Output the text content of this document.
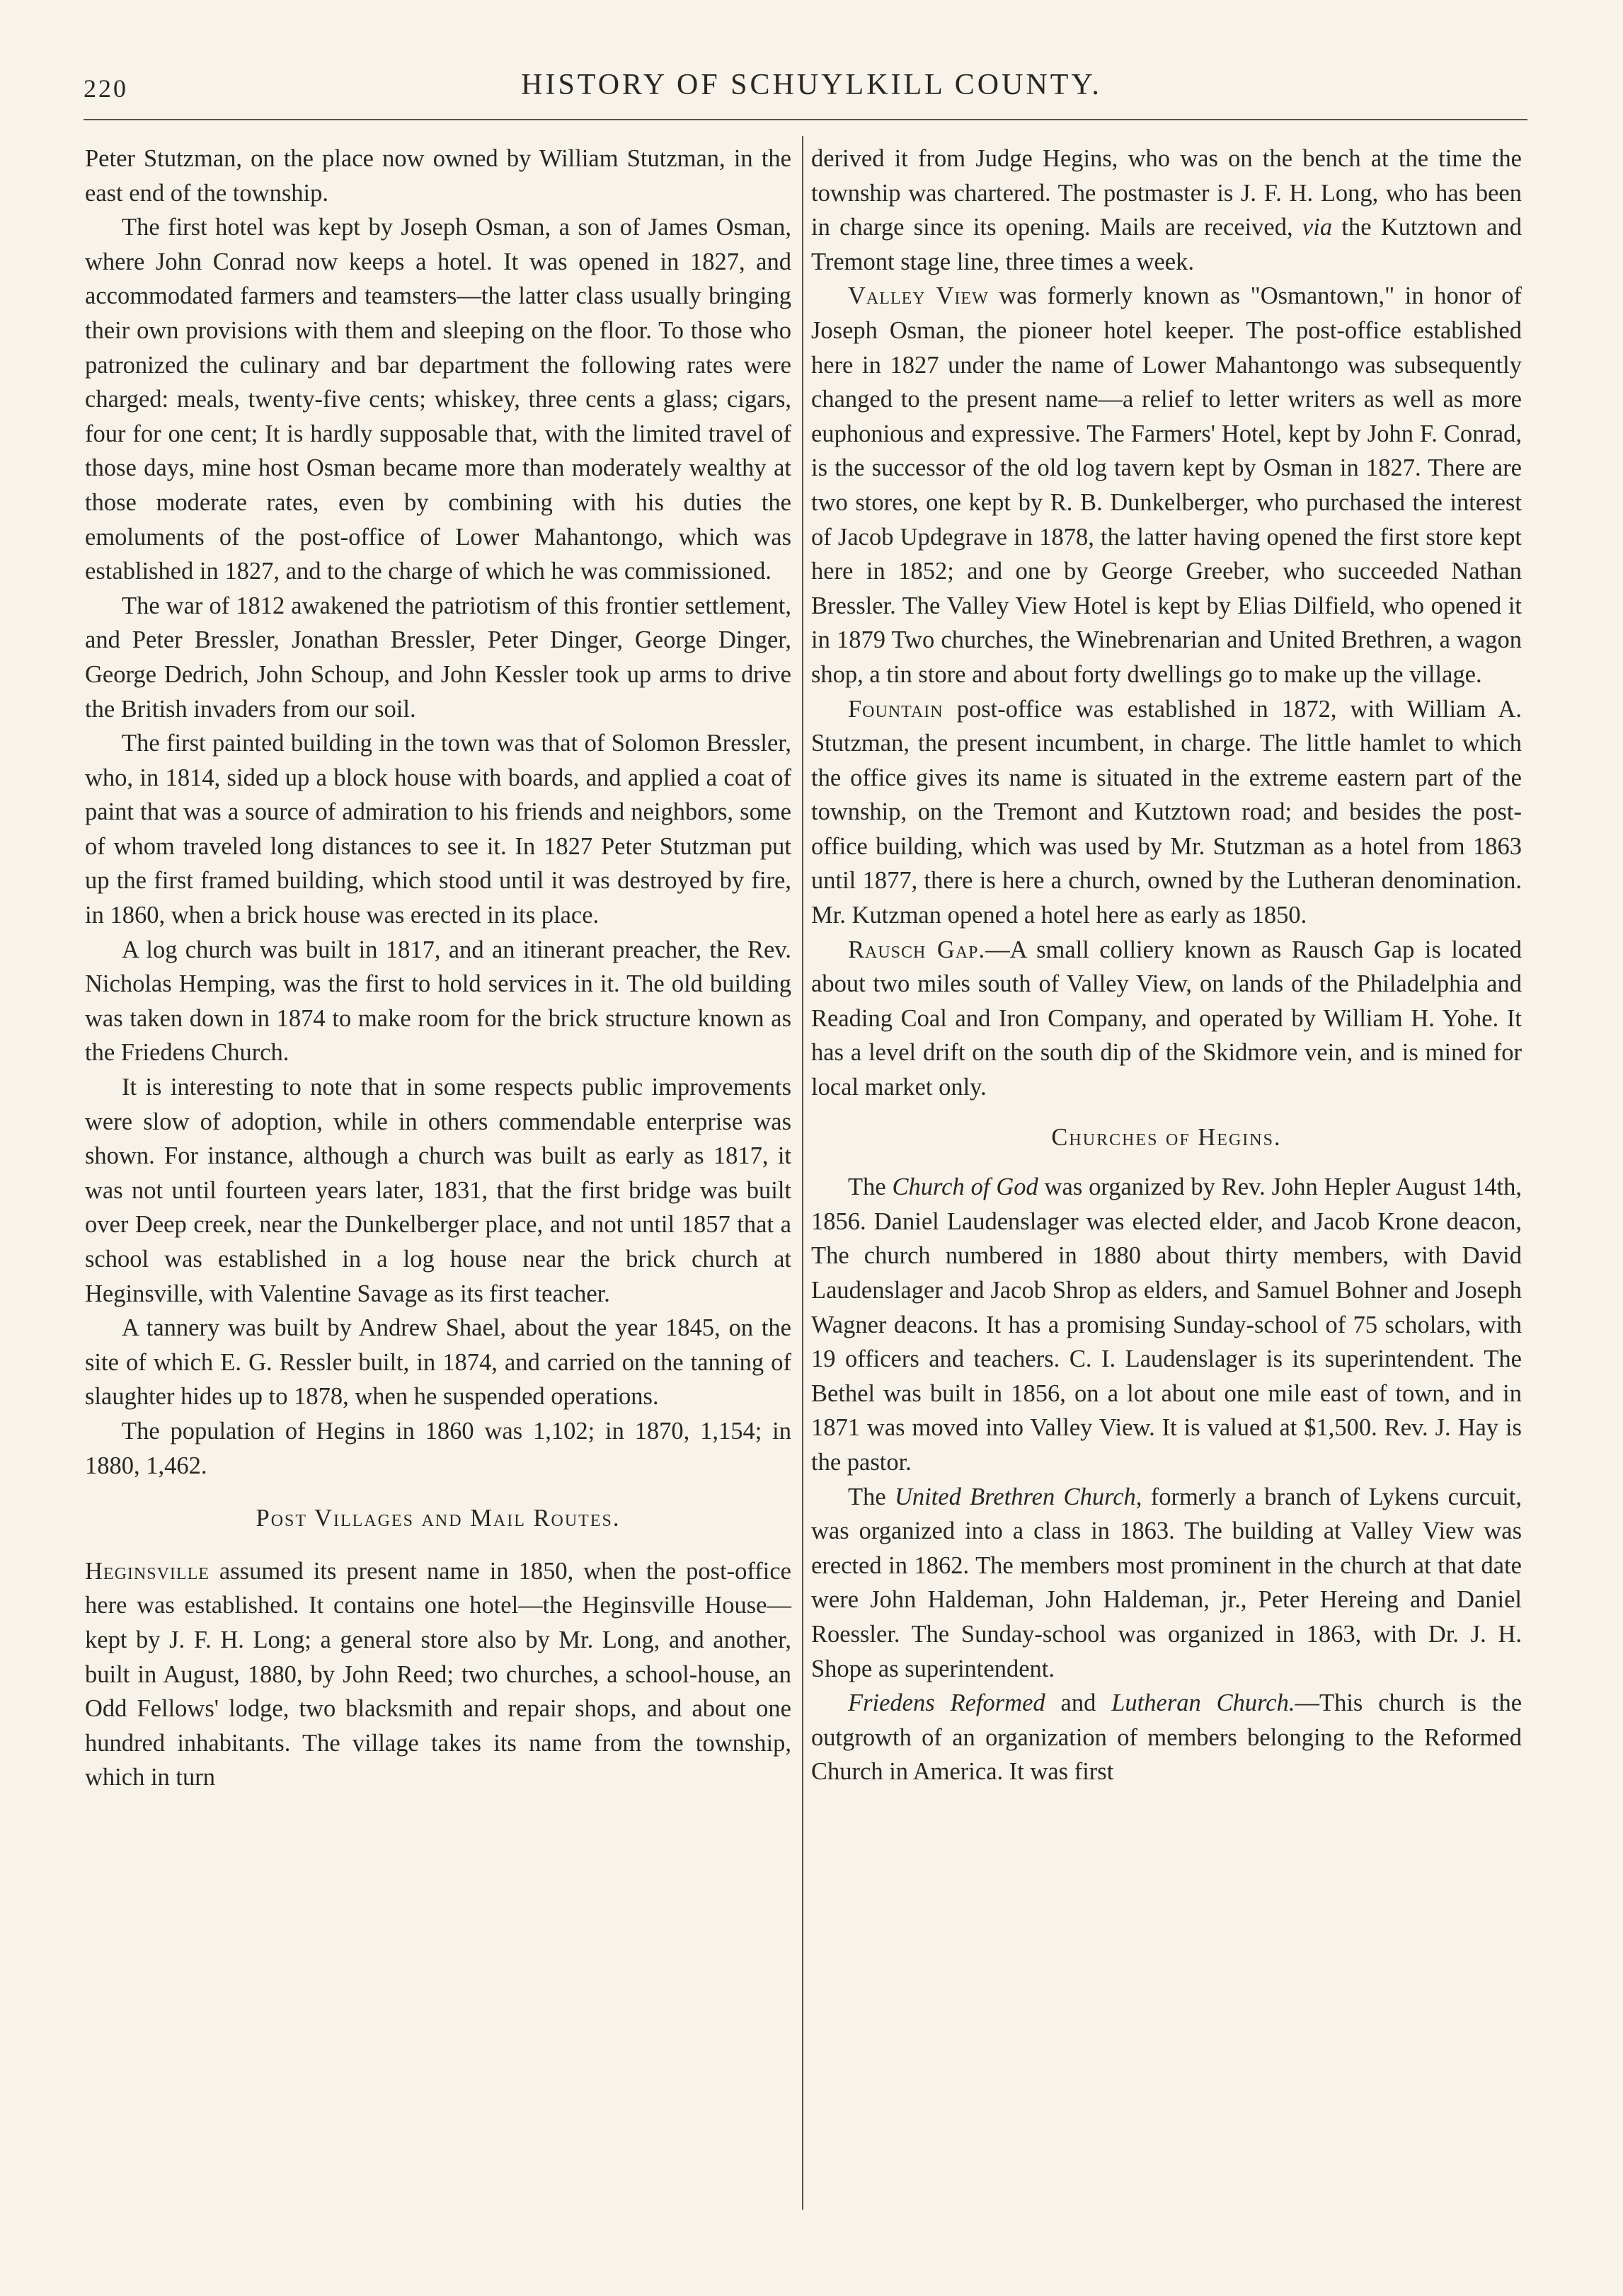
220	HISTORY OF SCHUYLKILL COUNTY.

Peter Stutzman, on the place now owned by William Stutzman, in the east end of the township.

The first hotel was kept by Joseph Osman, a son of James Osman, where John Conrad now keeps a hotel. It was opened in 1827, and accommodated farmers and teamsters—the latter class usually bringing their own provisions with them and sleeping on the floor. To those who patronized the culinary and bar department the following rates were charged: meals, twenty-five cents; whiskey, three cents a glass; cigars, four for one cent; It is hardly supposable that, with the limited travel of those days, mine host Osman became more than moderately wealthy at those moderate rates, even by combining with his duties the emoluments of the post-office of Lower Mahantongo, which was established in 1827, and to the charge of which he was commissioned.

The war of 1812 awakened the patriotism of this frontier settlement, and Peter Bressler, Jonathan Bressler, Peter Dinger, George Dinger, George Dedrich, John Schoup, and John Kessler took up arms to drive the British invaders from our soil.

The first painted building in the town was that of Solomon Bressler, who, in 1814, sided up a block house with boards, and applied a coat of paint that was a source of admiration to his friends and neighbors, some of whom traveled long distances to see it. In 1827 Peter Stutzman put up the first framed building, which stood until it was destroyed by fire, in 1860, when a brick house was erected in its place.

A log church was built in 1817, and an itinerant preacher, the Rev. Nicholas Hemping, was the first to hold services in it. The old building was taken down in 1874 to make room for the brick structure known as the Friedens Church.

It is interesting to note that in some respects public improvements were slow of adoption, while in others commendable enterprise was shown. For instance, although a church was built as early as 1817, it was not until fourteen years later, 1831, that the first bridge was built over Deep creek, near the Dunkelberger place, and not until 1857 that a school was established in a log house near the brick church at Heginsville, with Valentine Savage as its first teacher.

A tannery was built by Andrew Shael, about the year 1845, on the site of which E. G. Ressler built, in 1874, and carried on the tanning of slaughter hides up to 1878, when he suspended operations.

The population of Hegins in 1860 was 1,102; in 1870, 1,154; in 1880, 1,462.

Post Villages and Mail Routes.

Heginsville assumed its present name in 1850, when the post-office here was established. It contains one hotel—the Heginsville House—kept by J. F. H. Long; a general store also by Mr. Long, and another, built in August, 1880, by John Reed; two churches, a school-house, an Odd Fellows' lodge, two blacksmith and repair shops, and about one hundred inhabitants. The village takes its name from the township, which in turn

derived it from Judge Hegins, who was on the bench at the time the township was chartered. The postmaster is J. F. H. Long, who has been in charge since its opening. Mails are received, via the Kutztown and Tremont stage line, three times a week.

Valley View was formerly known as "Osmantown," in honor of Joseph Osman, the pioneer hotel keeper. The post-office established here in 1827 under the name of Lower Mahantongo was subsequently changed to the present name—a relief to letter writers as well as more euphonious and expressive. The Farmers' Hotel, kept by John F. Conrad, is the successor of the old log tavern kept by Osman in 1827. There are two stores, one kept by R. B. Dunkelberger, who purchased the interest of Jacob Updegrave in 1878, the latter having opened the first store kept here in 1852; and one by George Greeber, who succeeded Nathan Bressler. The Valley View Hotel is kept by Elias Dilfield, who opened it in 1879 Two churches, the Winebrenarian and United Brethren, a wagon shop, a tin store and about forty dwellings go to make up the village.

Fountain post-office was established in 1872, with William A. Stutzman, the present incumbent, in charge. The little hamlet to which the office gives its name is situated in the extreme eastern part of the township, on the Tremont and Kutztown road; and besides the post-office building, which was used by Mr. Stutzman as a hotel from 1863 until 1877, there is here a church, owned by the Lutheran denomination. Mr. Kutzman opened a hotel here as early as 1850.

Rausch Gap.—A small colliery known as Rausch Gap is located about two miles south of Valley View, on lands of the Philadelphia and Reading Coal and Iron Company, and operated by William H. Yohe. It has a level drift on the south dip of the Skidmore vein, and is mined for local market only.

Churches of Hegins.

The Church of God was organized by Rev. John Hepler August 14th, 1856. Daniel Laudenslager was elected elder, and Jacob Krone deacon, The church numbered in 1880 about thirty members, with David Laudenslager and Jacob Shrop as elders, and Samuel Bohner and Joseph Wagner deacons. It has a promising Sunday-school of 75 scholars, with 19 officers and teachers. C. I. Laudenslager is its superintendent. The Bethel was built in 1856, on a lot about one mile east of town, and in 1871 was moved into Valley View. It is valued at $1,500. Rev. J. Hay is the pastor.

The United Brethren Church, formerly a branch of Lykens curcuit, was organized into a class in 1863. The building at Valley View was erected in 1862. The members most prominent in the church at that date were John Haldeman, John Haldeman, jr., Peter Hereing and Daniel Roessler. The Sunday-school was organized in 1863, with Dr. J. H. Shope as superintendent.

Friedens Reformed and Lutheran Church.—This church is the outgrowth of an organization of members belonging to the Reformed Church in America. It was first
